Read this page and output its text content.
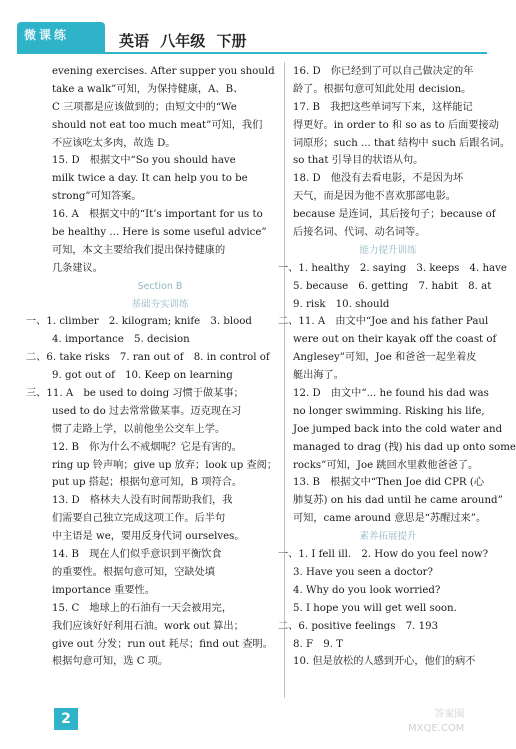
微课练	英语 八年级 下册
evening exercises. After supper you should
take a walk”可知，为保持健康，A、B、
C 三项都是应该做到的；由短文中的“We
should not eat too much meat”可知，我们
不应该吃太多肉，故选 D。
15. D　根据文中“So you should have
milk twice a day. It can help you to be
strong”可知答案。
16. A　根据文中的“It’s important for us to
be healthy ... Here is some useful advice”
可知，本文主要给我们提出保持健康的
几条建议。
Section B
基础夯实训练
一、1. climber　2. kilogram; knife　3. blood
4. importance　5. decision
二、6. take risks　7. ran out of　8. in control of
9. got out of　10. Keep on learning
三、11. A　be used to doing 习惯于做某事；
used to do 过去常常做某事。迈克现在习
惯了走路上学，以前他坐公交车上学。
12. B　你为什么不戒烟呢？它是有害的。
ring up 铃声响；give up 放弃；look up 查阅；
put up 搭起；根据句意可知，B 项符合。
13. D　格林夫人没有时间帮助我们，我
们需要自己独立完成这项工作。后半句
中主语是 we，要用反身代词 ourselves。
14. B　现在人们似乎意识到平衡饮食
的重要性。根据句意可知，空缺处填
importance 重要性。
15. C　地球上的石油有一天会被用完，
我们应该好好利用石油。work out 算出；
give out 分发；run out 耗尽；find out 查明。
根据句意可知，选 C 项。
16. D　你已经到了可以自己做决定的年
龄了。根据句意可知此处用 decision。
17. B　我把这些单词写下来，这样能记
得更好。in order to 和 so as to 后面要接动
词原形；such ... that 结构中 such 后跟名词。
so that 引导目的状语从句。
18. D　他没有去看电影，不是因为坏
天气，而是因为他不喜欢那部电影。
because 是连词，其后接句子；because of
后接名词、代词、动名词等。
能力提升训练
一、1. healthy　2. saying　3. keeps　4. have
5. because　6. getting　7. habit　8. at
9. risk　10. should
二、11. A　由文中“Joe and his father Paul
were out on their kayak off the coast of
Anglesey”可知，Joe 和爸爸一起坐着皮
艇出海了。
12. D　由文中“... he found his dad was
no longer swimming. Risking his life,
Joe jumped back into the cold water and
managed to drag (拽) his dad up onto some
rocks”可知，Joe 跳回水里救他爸爸了。
13. B　根据文中“Then Joe did CPR (心
肺复苏) on his dad until he came around”
可知，came around 意思是“苏醒过来”。
素养拓展提升
一、1. I fell ill.　2. How do you feel now?
3. Have you seen a doctor?
4. Why do you look worried?
5. I hope you will get well soon.
二、6. positive feelings　7. 193
8. F　9. T
10. 但是放松的人感到开心，他们的病不
2	答案圈
MXQE.COM
